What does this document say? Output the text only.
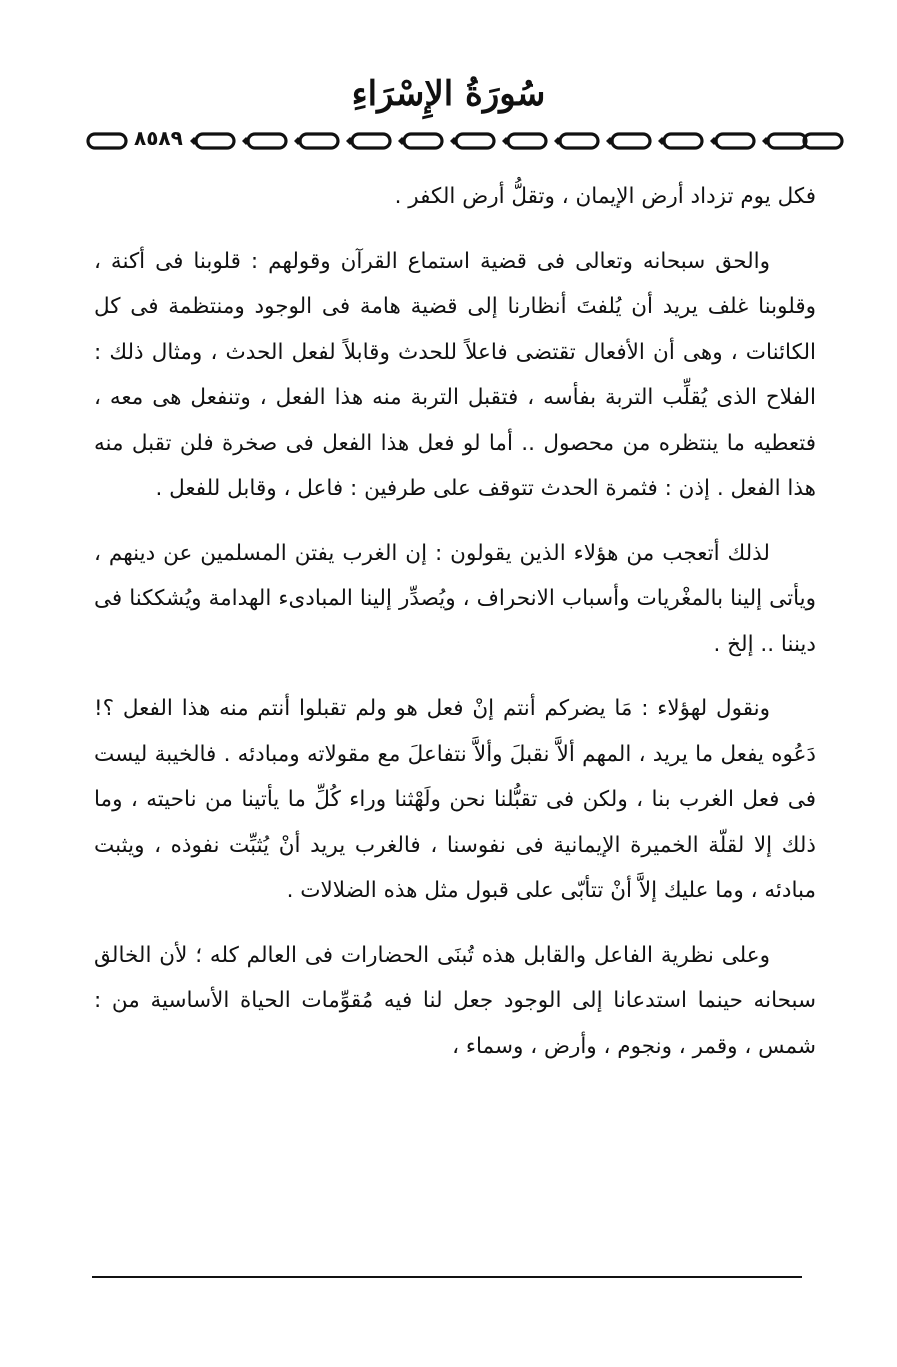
سُورَةُ الإِسْرَاءِ
٨٥٨٩

فكل يوم تزداد أرض الإيمان ، وتقلُّ أرض الكفر .

والحق سبحانه وتعالى فى قضية استماع القرآن وقولهم : قلوبنا فى أكنة ، وقلوبنا غلف يريد أن يُلفتَ أنظارنا إلى قضية هامة فى الوجود ومنتظمة فى كل الكائنات ، وهى أن الأفعال تقتضى فاعلاً للحدث وقابلاً لفعل الحدث ، ومثال ذلك : الفلاح الذى يُقلِّب التربة بفأسه ، فتقبل التربة منه هذا الفعل ، وتنفعل هى معه ، فتعطيه ما ينتظره من محصول .. أما لو فعل هذا الفعل فى صخرة فلن تقبل منه هذا الفعل . إذن : فثمرة الحدث تتوقف على طرفين : فاعل ، وقابل للفعل .

لذلك أتعجب من هؤلاء الذين يقولون : إن الغرب يفتن المسلمين عن دينهم ، ويأتى إلينا بالمغْريات وأسباب الانحراف ، ويُصدِّر إلينا المبادىء الهدامة ويُشككنا فى ديننا .. إلخ .

ونقول لهؤلاء : مَا يضركم أنتم إنْ فعل هو ولم تقبلوا أنتم منه هذا الفعل ؟! دَعُوه يفعل ما يريد ، المهم ألاَّ نقبلَ وألاَّ نتفاعلَ مع مقولاته ومبادئه . فالخيبة ليست فى فعل الغرب بنا ، ولكن فى تقبُّلنا نحن ولَهْثنا وراء كُلِّ ما يأتينا من ناحيته ، وما ذلك إلا لقلّة الخميرة الإيمانية فى نفوسنا ، فالغرب يريد أنْ يُثبِّت نفوذه ، ويثبت مبادئه ، وما عليك إلاَّ أنْ تتأبّى على قبول مثل هذه الضلالات .

وعلى نظرية الفاعل والقابل هذه تُبنَى الحضارات فى العالم كله ؛ لأن الخالق سبحانه حينما استدعانا إلى الوجود جعل لنا فيه مُقوِّمات الحياة الأساسية من : شمس ، وقمر ، ونجوم ، وأرض ، وسماء ،
